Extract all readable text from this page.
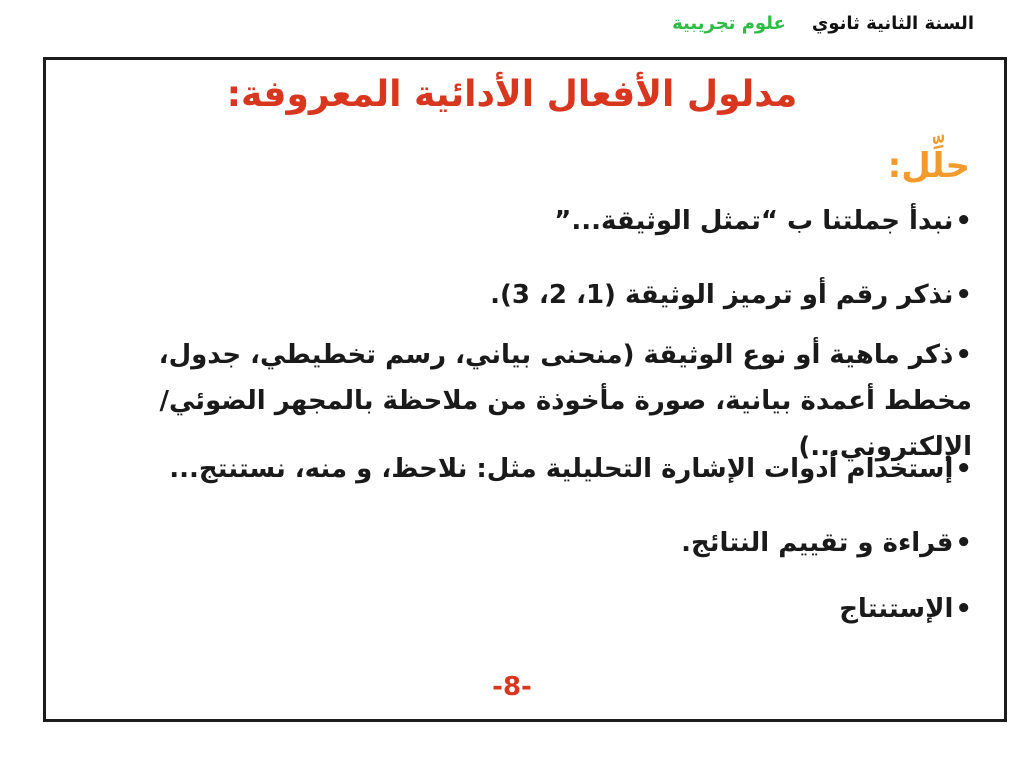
السنة الثانية ثانوي
علوم تجريبية
مدلول الأفعال الأدائية المعروفة:
حلِّل:
•نبدأ جملتنا ب “تمثل الوثيقة...”
•نذكر رقم أو ترميز الوثيقة (1، 2، 3).
•ذكر ماهية أو نوع الوثيقة (منحنى بياني، رسم تخطيطي، جدول، مخطط أعمدة بيانية، صورة مأخوذة من ملاحظة بالمجهر الضوئي/ الإلكتروني...)
•إستخدام أدوات الإشارة التحليلية مثل: نلاحظ، و منه، نستنتج...
•قراءة و تقييم النتائج.
•الإستنتاج
-8-
